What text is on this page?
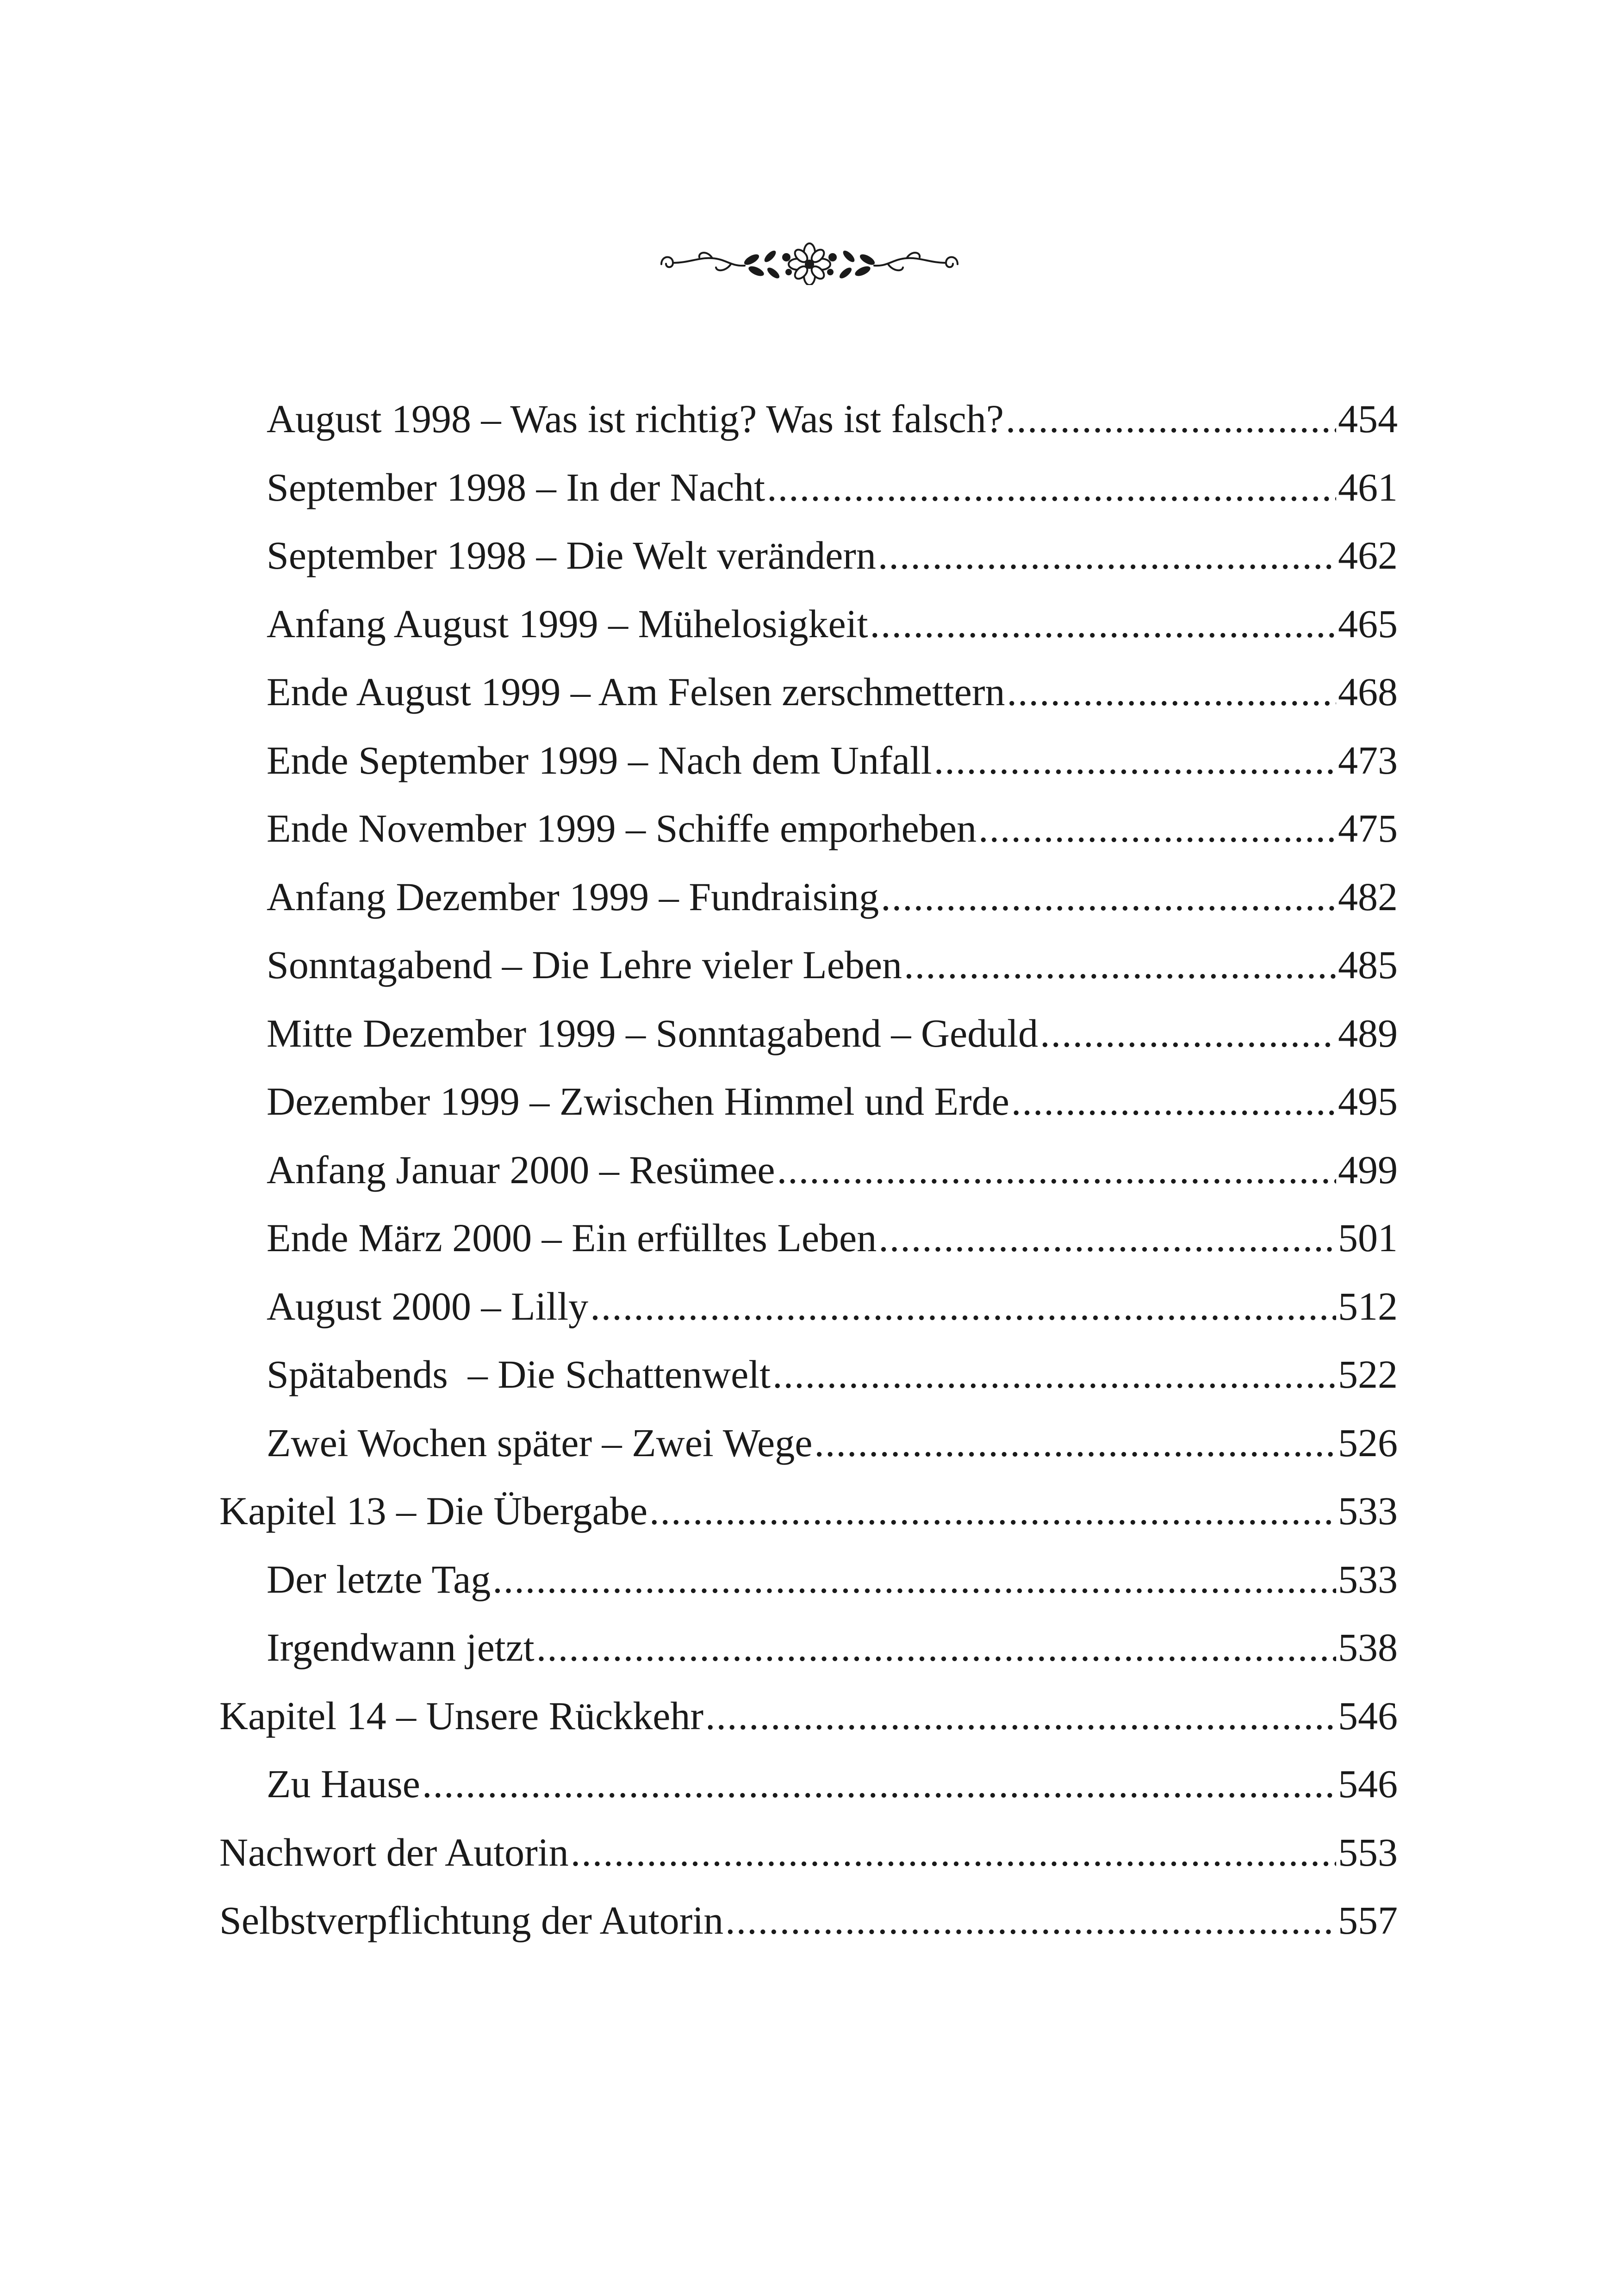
August 1998 – Was ist richtig? Was ist falsch? .....	454
September 1998 – In der Nacht .....	461
September 1998 – Die Welt verändern .....	462
Anfang August 1999 – Mühelosigkeit .....	465
Ende August 1999 – Am Felsen zerschmettern .....	468
Ende September 1999 – Nach dem Unfall .....	473
Ende November 1999 – Schiffe emporheben .....	475
Anfang Dezember 1999 – Fundraising .....	482
Sonntagabend – Die Lehre vieler Leben .....	485
Mitte Dezember 1999 – Sonntagabend – Geduld .....	489
Dezember 1999 – Zwischen Himmel und Erde .....	495
Anfang Januar 2000 – Resümee .....	499
Ende März 2000 – Ein erfülltes Leben .....	501
August 2000 – Lilly .....	512
Spätabends  – Die Schattenwelt .....	522
Zwei Wochen später – Zwei Wege .....	526
Kapitel 13 – Die Übergabe .....	533
Der letzte Tag .....	533
Irgendwann jetzt .....	538
Kapitel 14 – Unsere Rückkehr .....	546
Zu Hause .....	546
Nachwort der Autorin .....	553
Selbstverpflichtung der Autorin .....	557
